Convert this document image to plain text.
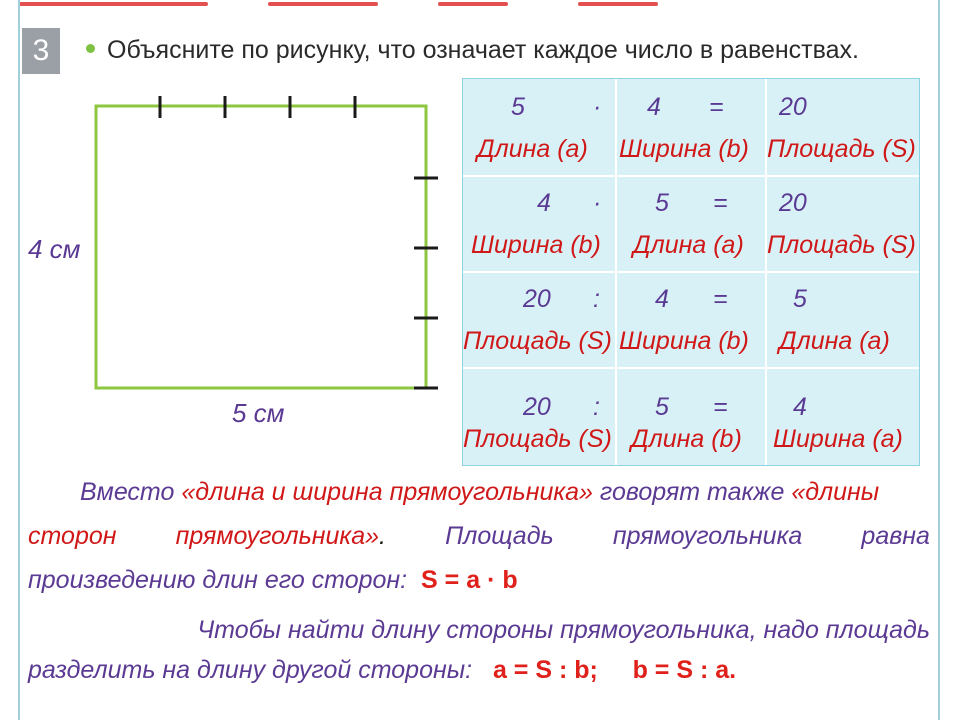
3	Объясните по рисунку, что означает каждое число в равенствах.
4 см
5 см
5	·
Длина (a)
4 =
Ширина (b)
20
Площадь (S)
4 ·
Ширина (b)
5 =
Длина (a)
20
Площадь (S)
20 :
Площадь (S)
4 =
Ширина (b)
5
Длина (a)
20 :
Площадь (S)
5 =
Длина (b)
4
Ширина (a)
Вместо «длина и ширина прямоугольника» говорят также «длины
сторон прямоугольника». Площадь прямоугольника равна
произведению длин его сторон: S = a · b
Чтобы найти длину стороны прямоугольника, надо площадь
разделить на длину другой стороны: a = S : b; b = S : a.
